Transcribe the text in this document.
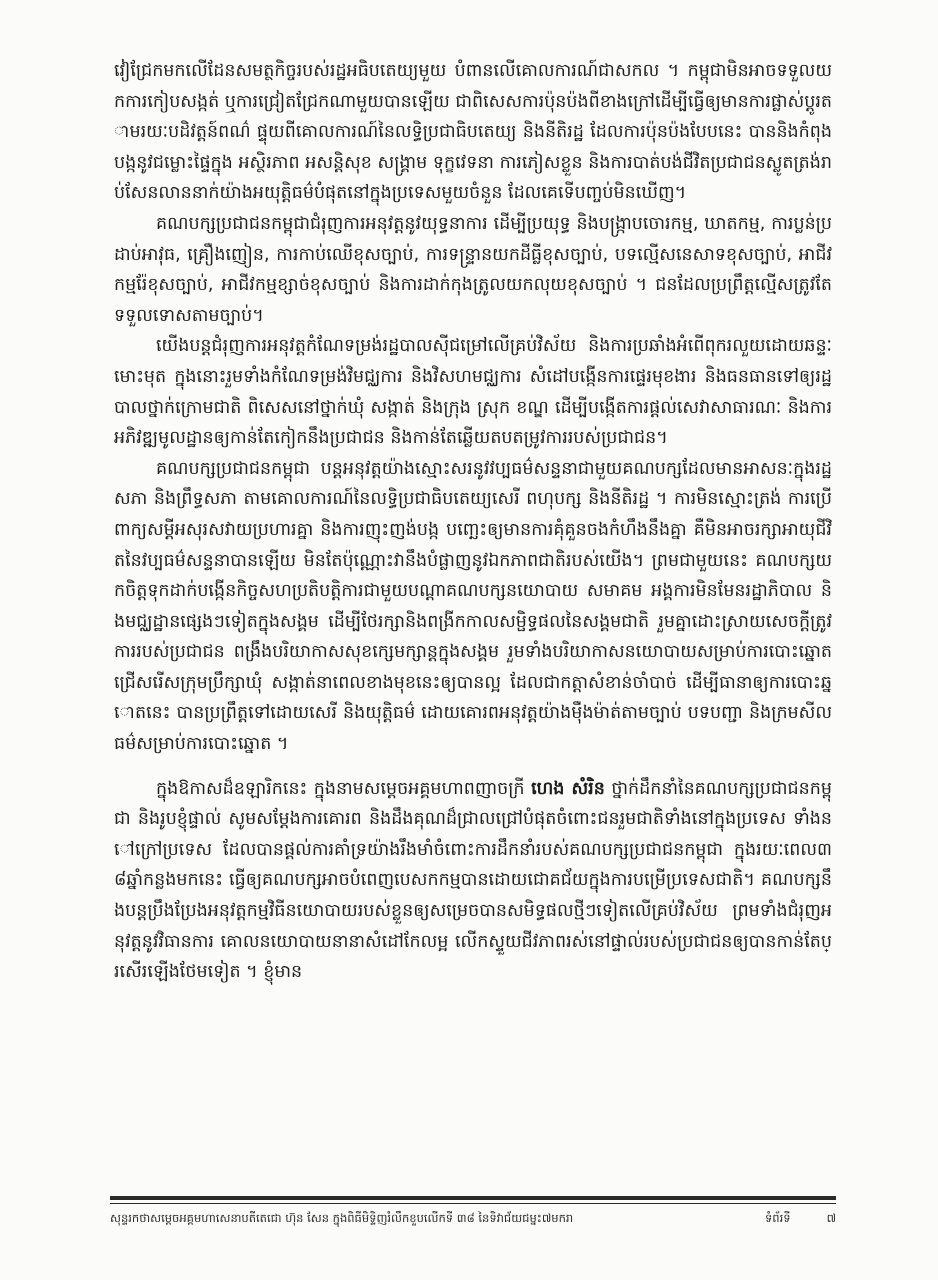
វៀជ្រែកមកលើដែនសមត្ថកិច្ចរបស់រដ្ឋអធិបតេយ្យមួយ បំពានលើគោលការណ៍ជាសកល ។ កម្ពុជាមិនអាចទទួលយកការកៀបសង្កត់ ឬការជ្រៀតជ្រែកណាមួយបានឡើយ ជាពិសេសការប៉ុនប៉ងពីខាងក្រៅដើម្បីធ្វើឲ្យមានការផ្លាស់ប្តូរតាមរយៈបដិវត្តន៍ពណ៌ ផ្ទុយពីគោលការណ៍នៃលទ្ធិប្រជាធិបតេយ្យ និងនីតិរដ្ឋ ដែលការប៉ុនប៉ងបែបនេះ បាននិងកំពុងបង្កនូវជម្លោះផ្ទៃក្នុង អស្ថិរភាព អសន្តិសុខ សង្គ្រាម ទុក្ខវេទនា ការភៀសខ្លួន និងការបាត់បង់ជីវិតប្រជាជនស្លូតត្រង់រាប់សែនលាននាក់យ៉ាងអយុត្តិធម៌បំផុតនៅក្នុងប្រទេសមួយចំនួន ដែលគេទើបញ្ចប់មិនឃើញ។

គណបក្សប្រជាជនកម្ពុជាជំរុញការអនុវត្តនូវយុទ្ធនាការ ដើម្បីប្រយុទ្ធ និងបង្ក្រាបចោរកម្ម, ឃាតកម្ម, ការប្លន់ប្រដាប់អាវុធ, គ្រឿងញៀន, ការកាប់ឈើខុសច្បាប់, ការទន្ទ្រានយកដីធ្លីខុសច្បាប់, បទល្មើសនេសាទខុសច្បាប់, អាជីវកម្មរ៉ែខុសច្បាប់, អាជីវកម្មខ្សាច់ខុសច្បាប់ និងការដាក់កុងត្រូលយកលុយខុសច្បាប់ ។ ជនដែលប្រព្រឹត្តល្មើសត្រូវតែទទួលទោសតាមច្បាប់។

យើងបន្តជំរុញការអនុវត្តកំណែទម្រង់រដ្ឋបាលស៊ីជម្រៅលើគ្រប់វិស័យ និងការប្រឆាំងអំពើពុករលួយដោយឆន្ទៈមោះមុត ក្នុងនោះរួមទាំងកំណែទម្រង់វិមជ្ឈការ និងវិសហមជ្ឈការ សំដៅបង្កើនការផ្ទេរមុខងារ និងធនធានទៅឲ្យរដ្ឋបាលថ្នាក់ក្រោមជាតិ ពិសេសនៅថ្នាក់ឃុំ សង្កាត់ និងក្រុង ស្រុក ខណ្ឌ ដើម្បីបង្កើតការផ្តល់សេវាសាធារណៈ និងការអភិវឌ្ឍមូលដ្ឋានឲ្យកាន់តែកៀកនឹងប្រជាជន និងកាន់តែឆ្លើយតបតម្រូវការរបស់ប្រជាជន។

គណបក្សប្រជាជនកម្ពុជា បន្តអនុវត្តយ៉ាងស្មោះសរនូវវប្បធម៌សន្ទនាជាមួយគណបក្សដែលមានអាសនៈក្នុងរដ្ឋសភា និងព្រឹទ្ធសភា តាមគោលការណ៍នៃលទ្ធិប្រជាធិបតេយ្យសេរី ពហុបក្ស និងនីតិរដ្ឋ ។ ការមិនស្មោះត្រង់ ការប្រើពាក្យសម្តីអសុរសវាយប្រហារគ្នា និងការញុះញង់បង្ក បញ្ឆេះឲ្យមានការគុំគួនចងកំហឹងនឹងគ្នា គឺមិនអាចរក្សាអាយុជីវិតនៃវប្បធម៌សន្ទនាបានឡើយ មិនតែប៉ុណ្ណោះវានឹងបំផ្លាញនូវឯកភាពជាតិរបស់យើង។ ព្រមជាមួយនេះ គណបក្សយកចិត្តទុកដាក់បង្កើនកិច្ចសហប្រតិបត្តិការជាមួយបណ្តាគណបក្សនយោបាយ សមាគម អង្គការមិនមែនរដ្ឋាភិបាល និងមជ្ឈដ្ឋានផ្សេងៗទៀតក្នុងសង្គម ដើម្បីថែរក្សានិងពង្រីកកាលសម្ផិទ្ធផលនៃសង្គមជាតិ រួមគ្នាដោះស្រាយសេចក្តីត្រូវការរបស់ប្រជាជន ពង្រឹងបរិយាកាសសុខក្សេមក្សាន្តក្នុងសង្គម រួមទាំងបរិយាកាសនយោបាយសម្រាប់ការបោះឆ្នោតជ្រើសរើសក្រុមប្រឹក្សាឃុំ សង្កាត់នាពេលខាងមុខនេះឲ្យបានល្អ ដែលជាកត្តាសំខាន់ចាំបាច់ ដើម្បីធានាឲ្យការបោះឆ្នោតនេះ បានប្រព្រឹត្តទៅដោយសេរី និងយុត្តិធម៌ ដោយគោរពអនុវត្តយ៉ាងម៉ឺងម៉ាត់តាមច្បាប់ បទបញ្ជា និងក្រមសីលធម៌សម្រាប់ការបោះឆ្នោត ។

ក្នុងឱកាសដ៏ឧឡារិកនេះ ក្នុងនាមសម្តេចអគ្គមហាពញាចក្រី ហេង សំរិន ថ្នាក់ដឹកនាំនៃគណបក្សប្រជាជនកម្ពុជា និងរូបខ្ញុំផ្ទាល់ សូមសម្តែងការគោរព និងដឹងគុណដ៏ជ្រាលជ្រៅបំផុតចំពោះជនរួមជាតិទាំងនៅក្នុងប្រទេស ទាំងនៅក្រៅប្រទេស ដែលបានផ្តល់ការគាំទ្រយ៉ាងរឹងមាំចំពោះការដឹកនាំរបស់គណបក្សប្រជាជនកម្ពុជា ក្នុងរយៈពេល៣៨ឆ្នាំកន្លងមកនេះ ធ្វើឲ្យគណបក្សអាចបំពេញបេសកកម្មបានដោយជោគជ័យក្នុងការបម្រើប្រទេសជាតិ។ គណបក្សនឹងបន្តប្រឹងប្រែងអនុវត្តកម្មវិធីនយោបាយរបស់ខ្លួនឲ្យសម្រេចបានសមិទ្ធផលថ្មីៗទៀតលើគ្រប់វិស័យ ព្រមទាំងជំរុញអនុវត្តនូវវិធានការ គោលនយោបាយនានាសំដៅកែលម្អ លើកស្ទួយជីវភាពរស់នៅផ្ទាល់របស់ប្រជាជនឲ្យបានកាន់តែប្រសើរឡើងថែមទៀត ។ ខ្ញុំមាន

សុន្ទរកថាសម្តេចអគ្គមហាសេនាបតីតេជោ ហ៊ុន សែន ក្នុងពិធីមិទ្ទិញរំលឹកខួបលើកទី ៣៨ នៃទិវាជ័យជម្នះ៧មករា	ទំព័រទី	៧
